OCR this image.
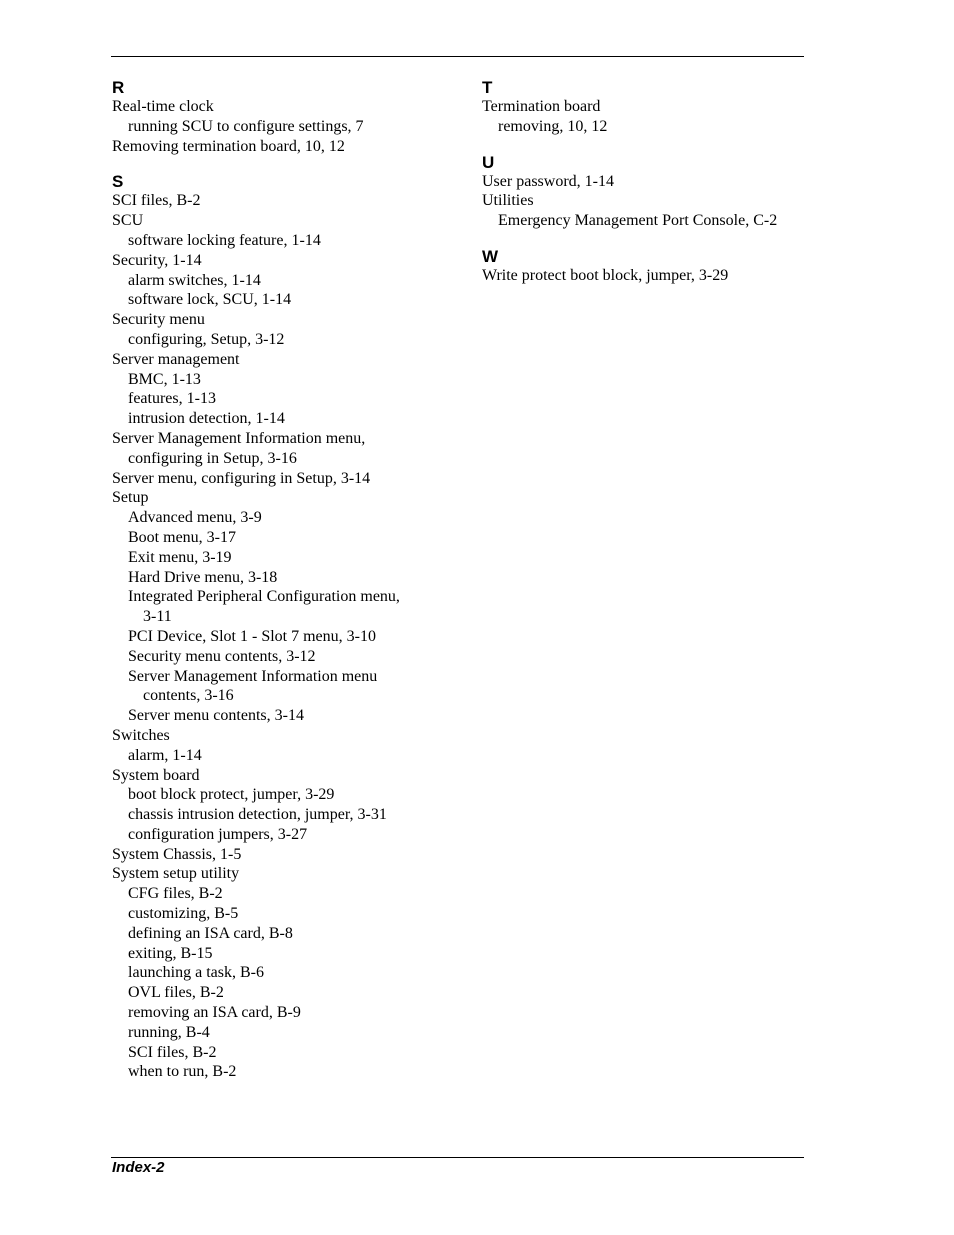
R
Real-time clock
running SCU to configure settings, 7
Removing termination board, 10, 12
S
SCI files, B-2
SCU
software locking feature, 1-14
Security, 1-14
alarm switches, 1-14
software lock, SCU, 1-14
Security menu
configuring, Setup, 3-12
Server management
BMC, 1-13
features, 1-13
intrusion detection, 1-14
Server Management Information menu,
configuring in Setup, 3-16
Server menu, configuring in Setup, 3-14
Setup
Advanced menu, 3-9
Boot menu, 3-17
Exit menu, 3-19
Hard Drive menu, 3-18
Integrated Peripheral Configuration menu,
3-11
PCI Device, Slot 1 - Slot 7 menu, 3-10
Security menu contents, 3-12
Server Management Information menu
contents, 3-16
Server menu contents, 3-14
Switches
alarm, 1-14
System board
boot block protect, jumper, 3-29
chassis intrusion detection, jumper, 3-31
configuration jumpers, 3-27
System Chassis, 1-5
System setup utility
CFG files, B-2
customizing, B-5
defining an ISA card, B-8
exiting, B-15
launching a task, B-6
OVL files, B-2
removing an ISA card, B-9
running, B-4
SCI files, B-2
when to run, B-2
T
Termination board
removing, 10, 12
U
User password, 1-14
Utilities
Emergency Management Port Console, C-2
W
Write protect boot block, jumper, 3-29
Index-2
